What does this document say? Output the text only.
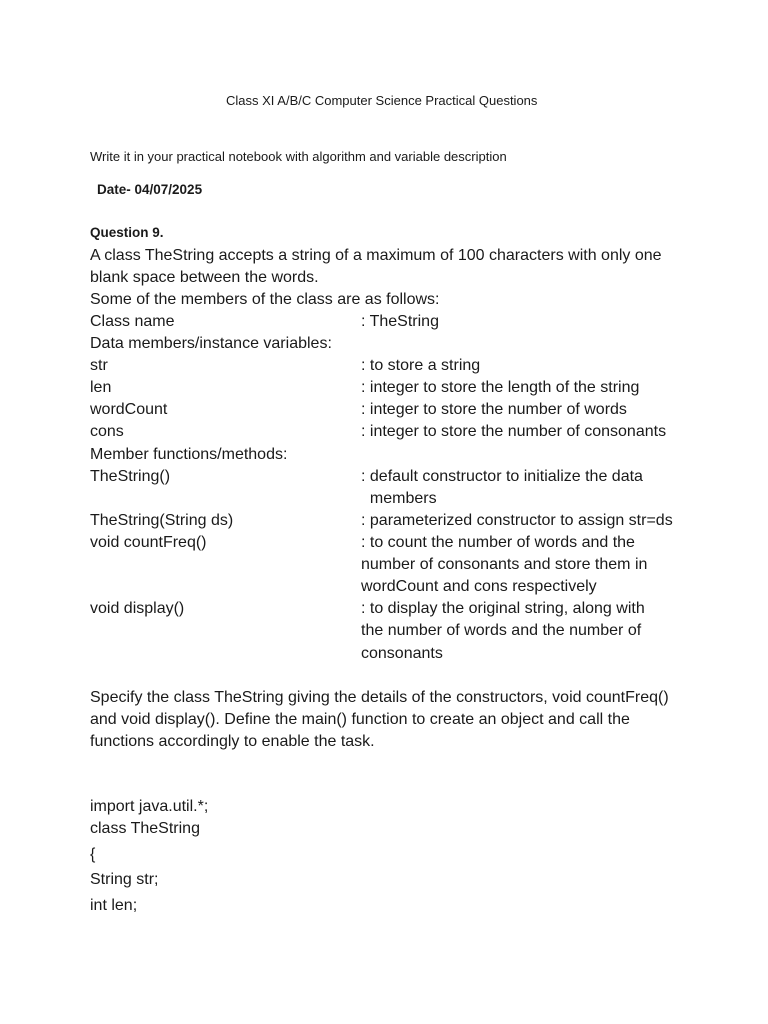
Class XI A/B/C Computer Science Practical Questions
Write it in your practical notebook with algorithm and variable description
Date- 04/07/2025
Question 9.
A class TheString accepts a string of a maximum of 100 characters with only one
blank space between the words.
Some of the members of the class are as follows:
Class name	: TheString
Data members/instance variables:
str	: to store a string
len	: integer to store the length of the string
wordCount	: integer to store the number of words
cons	: integer to store the number of consonants
Member functions/methods:
TheString()	: default constructor to initialize the data
members
TheString(String ds)	: parameterized constructor to assign str=ds
void countFreq()	: to count the number of words and the
number of consonants and store them in
wordCount and cons respectively
void display()	: to display the original string, along with
the number of words and the number of
consonants
Specify the class TheString giving the details of the constructors, void countFreq()
and void display(). Define the main() function to create an object and call the
functions accordingly to enable the task.
import java.util.*;
class TheString
{
String str;
int len;
